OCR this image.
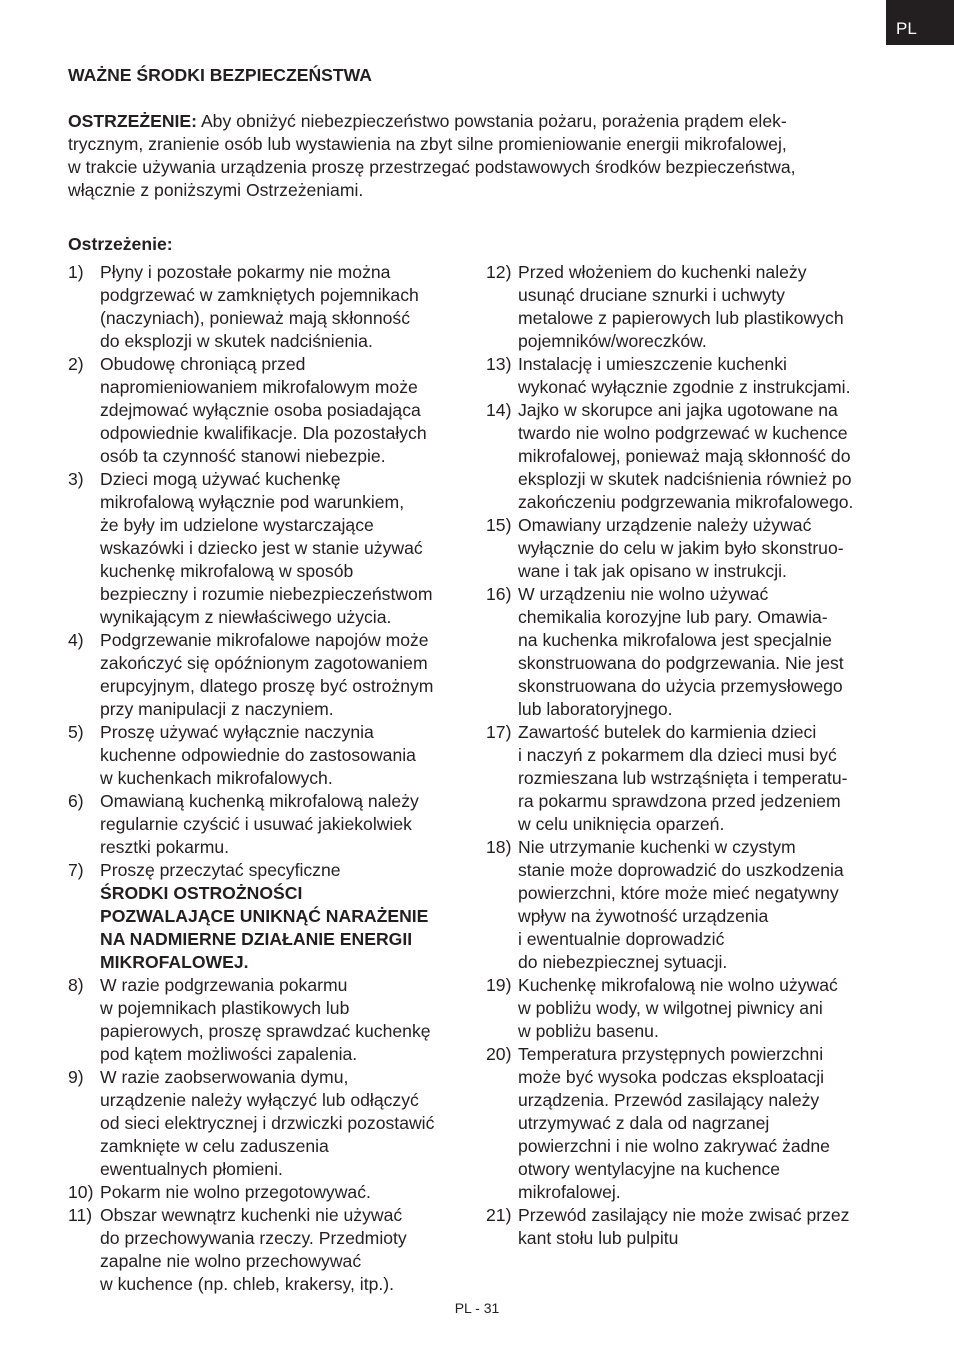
PL
WAŻNE ŚRODKI BEZPIECZEŃSTWA

OSTRZEŻENIE: Aby obniżyć niebezpieczeństwo powstania pożaru, porażenia prądem elek-

trycznym, zranienie osób lub wystawienia na zbyt silne promieniowanie energii mikrofalowej,

w trakcie używania urządzenia proszę przestrzegać podstawowych środków bezpieczeństwa,

włącznie z poniższymi Ostrzeżeniami.

Ostrzeżenie:
1) Płyny i pozostałe pokarmy nie można
podgrzewać w zamkniętych pojemnikach
(naczyniach), ponieważ mają skłonność
do eksplozji w skutek nadciśnienia.
2) Obudowę chroniącą przed
napromieniowaniem mikrofalowym może
zdejmować wyłącznie osoba posiadająca
odpowiednie kwalifikacje. Dla pozostałych
osób ta czynność stanowi niebezpie.
3) Dzieci mogą używać kuchenkę
mikrofalową wyłącznie pod warunkiem,
że były im udzielone wystarczające
wskazówki i dziecko jest w stanie używać
kuchenkę mikrofalową w sposób
bezpieczny i rozumie niebezpieczeństwom
wynikającym z niewłaściwego użycia.
4) Podgrzewanie mikrofalowe napojów może
zakończyć się opóźnionym zagotowaniem
erupcyjnym, dlatego proszę być ostrożnym
przy manipulacji z naczyniem.
5) Proszę używać wyłącznie naczynia
kuchenne odpowiednie do zastosowania
w kuchenkach mikrofalowych.
6) Omawianą kuchenką mikrofalową należy
regularnie czyścić i usuwać jakiekolwiek
resztki pokarmu.
7) Proszę przeczytać specyficzne
ŚRODKI OSTROŻNOŚCI
POZWALAJĄCE UNIKNĄĆ NARAŻENIE
NA NADMIERNE DZIAŁANIE ENERGII
MIKROFALOWEJ.
8) W razie podgrzewania pokarmu
w pojemnikach plastikowych lub
papierowych, proszę sprawdzać kuchenkę
pod kątem możliwości zapalenia.
9) W razie zaobserwowania dymu,
urządzenie należy wyłączyć lub odłączyć
od sieci elektrycznej i drzwiczki pozostawić
zamknięte w celu zaduszenia
ewentualnych płomieni.
10) Pokarm nie wolno przegotowywać.
11) Obszar wewnątrz kuchenki nie używać
do przechowywania rzeczy. Przedmioty
zapalne nie wolno przechowywać
w kuchence (np. chleb, krakersy, itp.).
12) Przed włożeniem do kuchenki należy
usunąć druciane sznurki i uchwyty
metalowe z papierowych lub plastikowych
pojemników/woreczków.
13) Instalację i umieszczenie kuchenki
wykonać wyłącznie zgodnie z instrukcjami.
14) Jajko w skorupce ani jajka ugotowane na
twardo nie wolno podgrzewać w kuchence
mikrofalowej, ponieważ mają skłonność do
eksplozji w skutek nadciśnienia również po
zakończeniu podgrzewania mikrofalowego.
15) Omawiany urządzenie należy używać
wyłącznie do celu w jakim było skonstruo-
wane i tak jak opisano w instrukcji.
16) W urządzeniu nie wolno używać
chemikalia korozyjne lub pary. Omawia-
na kuchenka mikrofalowa jest specjalnie
skonstruowana do podgrzewania. Nie jest
skonstruowana do użycia przemysłowego
lub laboratoryjnego.
17) Zawartość butelek do karmienia dzieci
i naczyń z pokarmem dla dzieci musi być
rozmieszana lub wstrząśnięta i temperatu-
ra pokarmu sprawdzona przed jedzeniem
w celu uniknięcia oparzeń.
18) Nie utrzymanie kuchenki w czystym
stanie może doprowadzić do uszkodzenia
powierzchni, które może mieć negatywny
wpływ na żywotność urządzenia
i ewentualnie doprowadzić
do niebezpiecznej sytuacji.
19) Kuchenkę mikrofalową nie wolno używać
w pobliżu wody, w wilgotnej piwnicy ani
w pobliżu basenu.
20) Temperatura przystępnych powierzchni
może być wysoka podczas eksploatacji
urządzenia. Przewód zasilający należy
utrzymywać z dala od nagrzanej
powierzchni i nie wolno zakrywać żadne
otwory wentylacyjne na kuchence
mikrofalowej.
21) Przewód zasilający nie może zwisać przez
kant stołu lub pulpitu
PL - 31
